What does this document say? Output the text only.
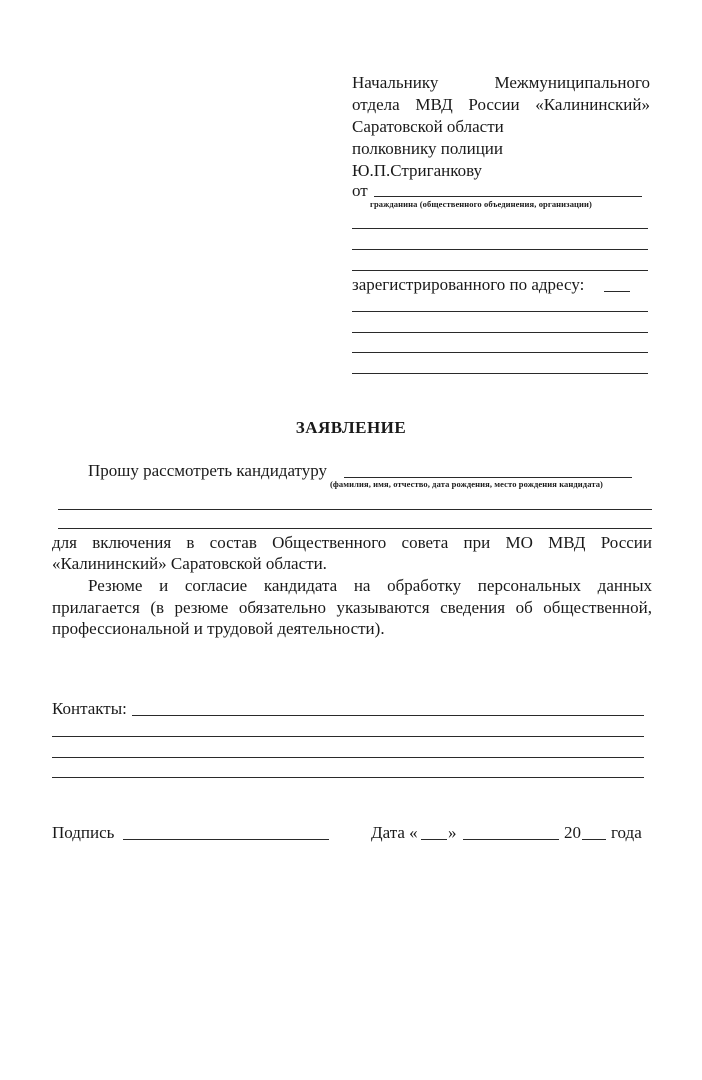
Начальнику	Межмуниципального
отдела МВД России «Калининский»
Саратовской области
полковнику полиции
Ю.П.Стриганкову
от
гражданина (общественного объединения, организации)
зарегистрированного по адресу:
ЗАЯВЛЕНИЕ
Прошу рассмотреть кандидатуру
(фамилия, имя, отчество, дата рождения, место рождения кандидата)
для включения в состав Общественного совета при МО МВД России
«Калининский» Саратовской области.
Резюме и согласие кандидата на обработку персональных данных
прилагается (в резюме обязательно указываются сведения об общественной,
профессиональной и трудовой деятельности).
Контакты:
Подпись	Дата « »	20 года
